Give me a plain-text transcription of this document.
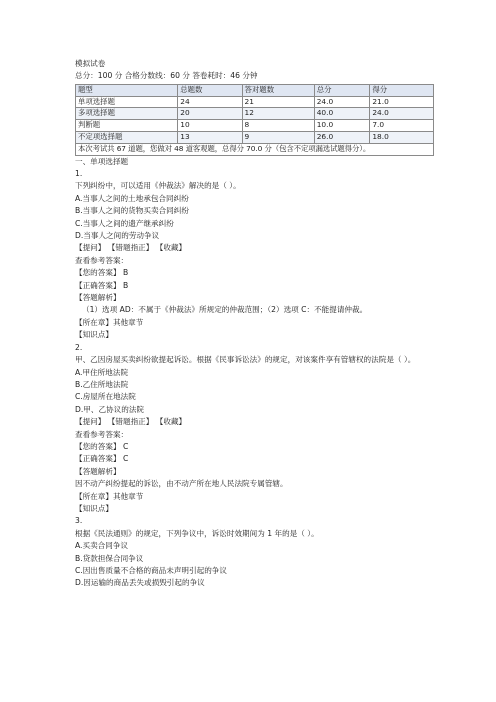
模拟试卷
总分：100 分 合格分数线：60 分 答卷耗时：46 分钟
题型	总题数	答对题数	总分	得分
单项选择题	24	21	24.0	21.0
多项选择题	20	12	40.0	24.0
判断题	10	8	10.0	7.0
不定项选择题	13	9	26.0	18.0
本次考试共 67 道题，您做对 48 道客观题，总得分 70.0 分（包含不定项漏选试题得分）。				
一、单项选择题
1.
下列纠纷中，可以适用《仲裁法》解决的是（ ）。
A.当事人之间的土地承包合同纠纷
B.当事人之间的货物买卖合同纠纷
C.当事人之间的遗产继承纠纷
D.当事人之间的劳动争议
【提问】 【错题指正】 【收藏】
查看参考答案：
【您的答案】 B
【正确答案】 B
【答题解析】
（1）选项 AD：不属于《仲裁法》所规定的仲裁范围；（2）选项 C：不能提请仲裁。
【所在章】其他章节
【知识点】
2.
甲、乙因房屋买卖纠纷欲提起诉讼。根据《民事诉讼法》的规定，对该案件享有管辖权的法院是（ ）。
A.甲住所地法院
B.乙住所地法院
C.房屋所在地法院
D.甲、乙协议的法院
【提问】 【错题指正】 【收藏】
查看参考答案：
【您的答案】 C
【正确答案】 C
【答题解析】
因不动产纠纷提起的诉讼，由不动产所在地人民法院专属管辖。
【所在章】其他章节
【知识点】
3.
根据《民法通则》的规定，下列争议中，诉讼时效期间为 1 年的是（ ）。
A.买卖合同争议
B.贷款担保合同争议
C.因出售质量不合格的商品未声明引起的争议
D.因运输的商品丢失或损毁引起的争议
